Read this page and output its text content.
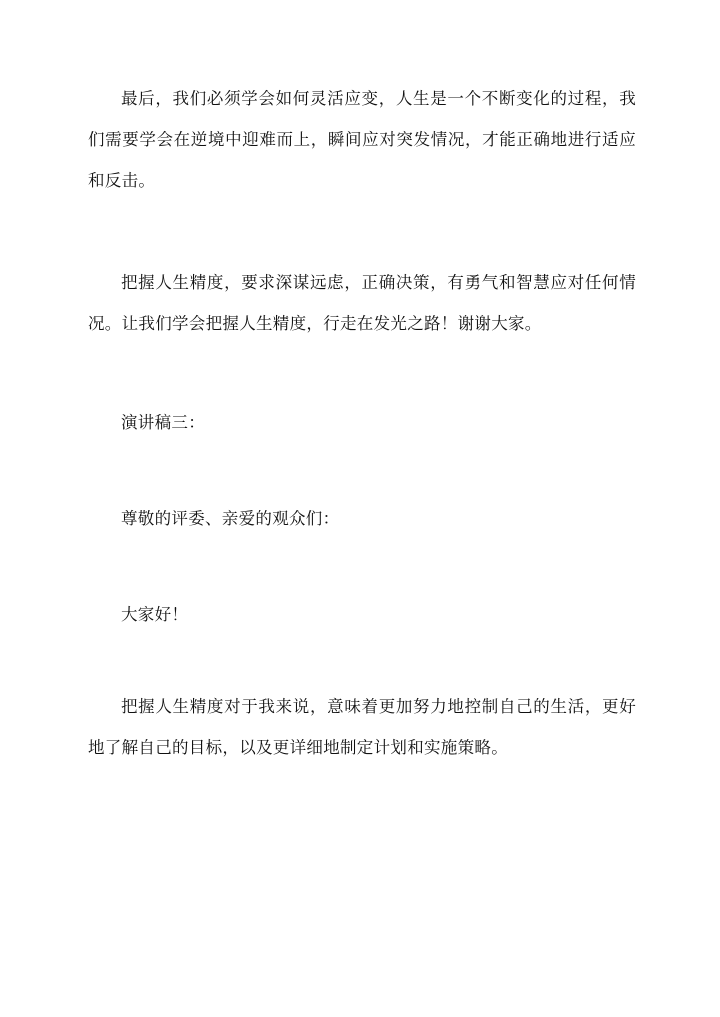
最后，我们必须学会如何灵活应变，人生是一个不断变化的过程，我们需要学会在逆境中迎难而上，瞬间应对突发情况，才能正确地进行适应和反击。

把握人生精度，要求深谋远虑，正确决策，有勇气和智慧应对任何情况。让我们学会把握人生精度，行走在发光之路！谢谢大家。

演讲稿三：

尊敬的评委、亲爱的观众们：

大家好！

把握人生精度对于我来说，意味着更加努力地控制自己的生活，更好地了解自己的目标，以及更详细地制定计划和实施策略。
